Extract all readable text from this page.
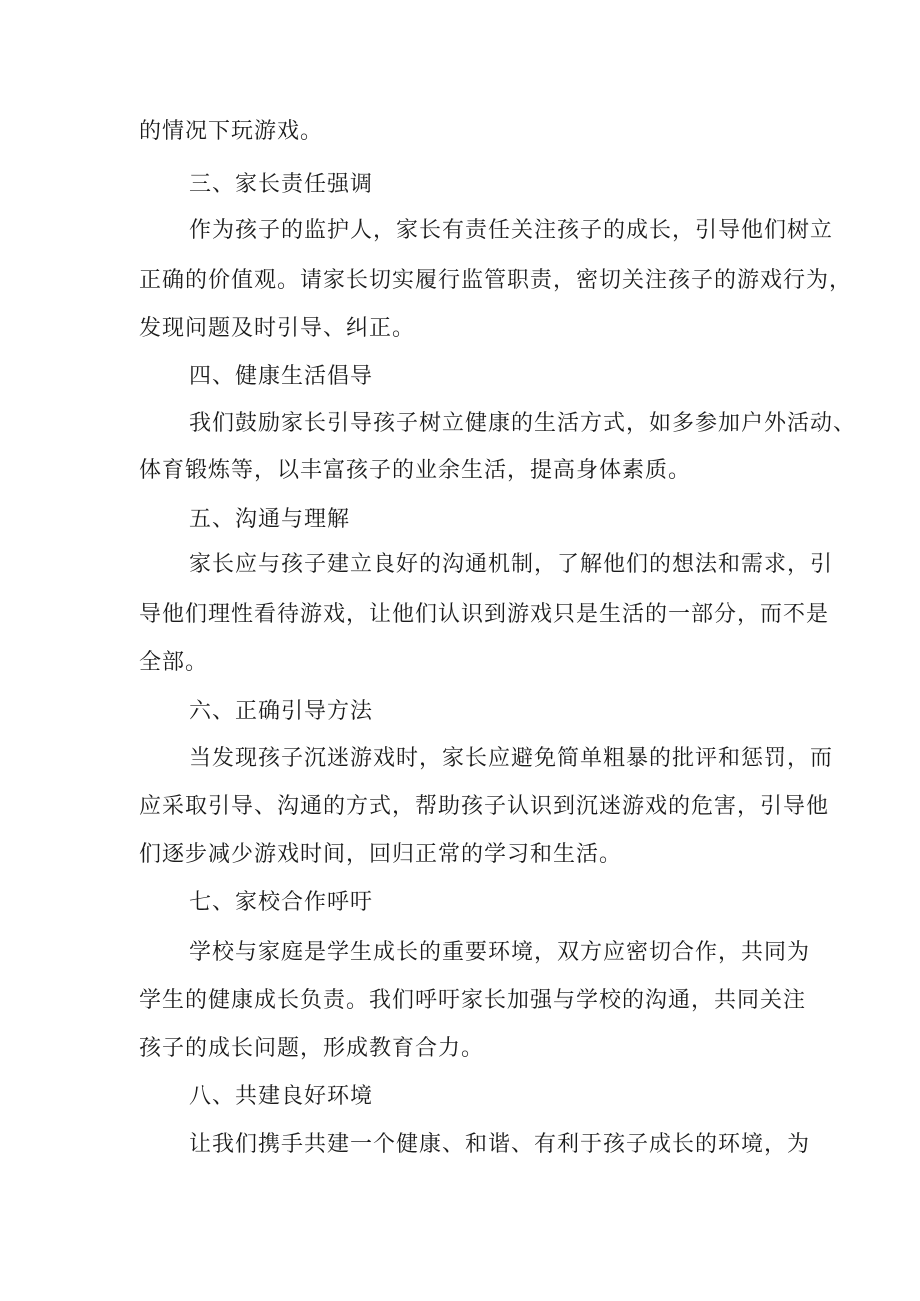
的情况下玩游戏。
三、家长责任强调
作为孩子的监护人，家长有责任关注孩子的成长，引导他们树立
正确的价值观。请家长切实履行监管职责，密切关注孩子的游戏行为，
发现问题及时引导、纠正。
四、健康生活倡导
我们鼓励家长引导孩子树立健康的生活方式，如多参加户外活动、
体育锻炼等，以丰富孩子的业余生活，提高身体素质。
五、沟通与理解
家长应与孩子建立良好的沟通机制，了解他们的想法和需求，引
导他们理性看待游戏，让他们认识到游戏只是生活的一部分，而不是
全部。
六、正确引导方法
当发现孩子沉迷游戏时，家长应避免简单粗暴的批评和惩罚，而
应采取引导、沟通的方式，帮助孩子认识到沉迷游戏的危害，引导他
们逐步减少游戏时间，回归正常的学习和生活。
七、家校合作呼吁
学校与家庭是学生成长的重要环境，双方应密切合作，共同为
学生的健康成长负责。我们呼吁家长加强与学校的沟通，共同关注
孩子的成长问题，形成教育合力。
八、共建良好环境
让我们携手共建一个健康、和谐、有利于孩子成长的环境，为
